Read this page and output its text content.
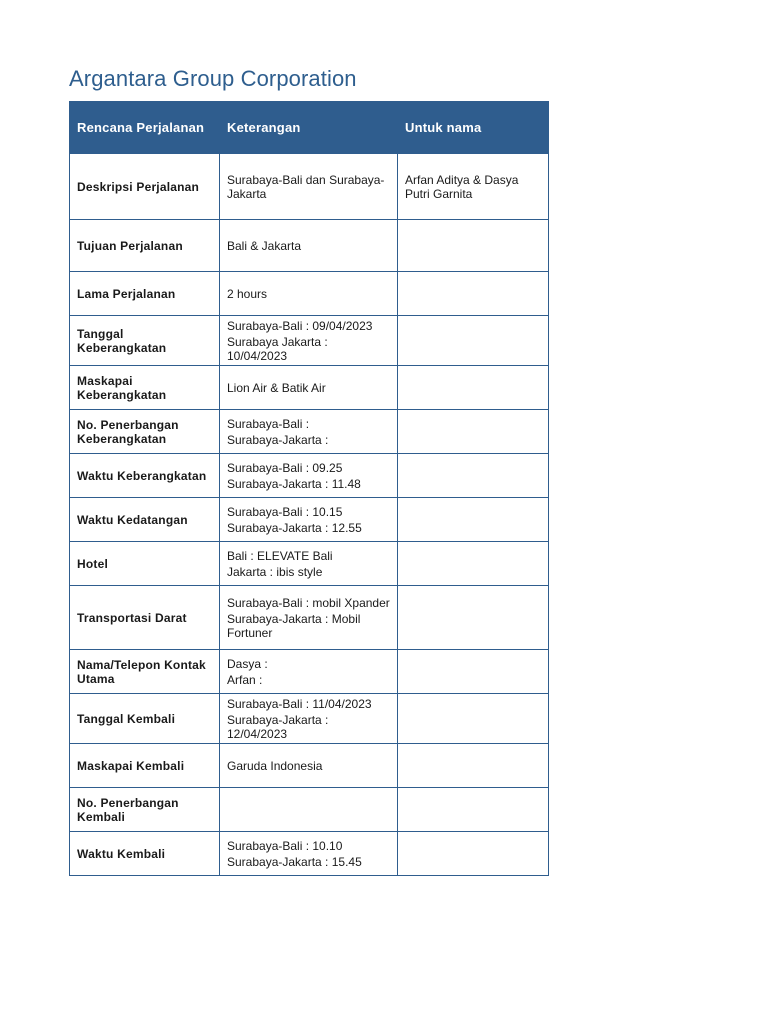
Argantara Group Corporation
Rencana Perjalanan	Keterangan	Untuk nama
Deskripsi Perjalanan	Surabaya-Bali dan Surabaya-Jakarta	Arfan Aditya & Dasya Putri Garnita

Tujuan Perjalanan	Bali & Jakarta	

Lama Perjalanan	2 hours	

Tanggal Keberangkatan	Surabaya-Bali : 09/04/2023
Surabaya Jakarta : 10/04/2023	

Maskapai Keberangkatan	Lion Air & Batik Air	

No. Penerbangan Keberangkatan	Surabaya-Bali :
Surabaya-Jakarta :	

Waktu Keberangkatan	Surabaya-Bali : 09.25
Surabaya-Jakarta : 11.48	

Waktu Kedatangan	Surabaya-Bali : 10.15
Surabaya-Jakarta : 12.55	

Hotel	Bali : ELEVATE Bali
Jakarta : ibis style	

Transportasi Darat	Surabaya-Bali : mobil Xpander
Surabaya-Jakarta : Mobil Fortuner	

Nama/Telepon Kontak Utama	Dasya :
Arfan :	

Tanggal Kembali	Surabaya-Bali : 11/04/2023
Surabaya-Jakarta : 12/04/2023	

Maskapai Kembali	Garuda Indonesia	

No. Penerbangan Kembali		
Waktu Kembali	Surabaya-Bali : 10.10
Surabaya-Jakarta : 15.45	
